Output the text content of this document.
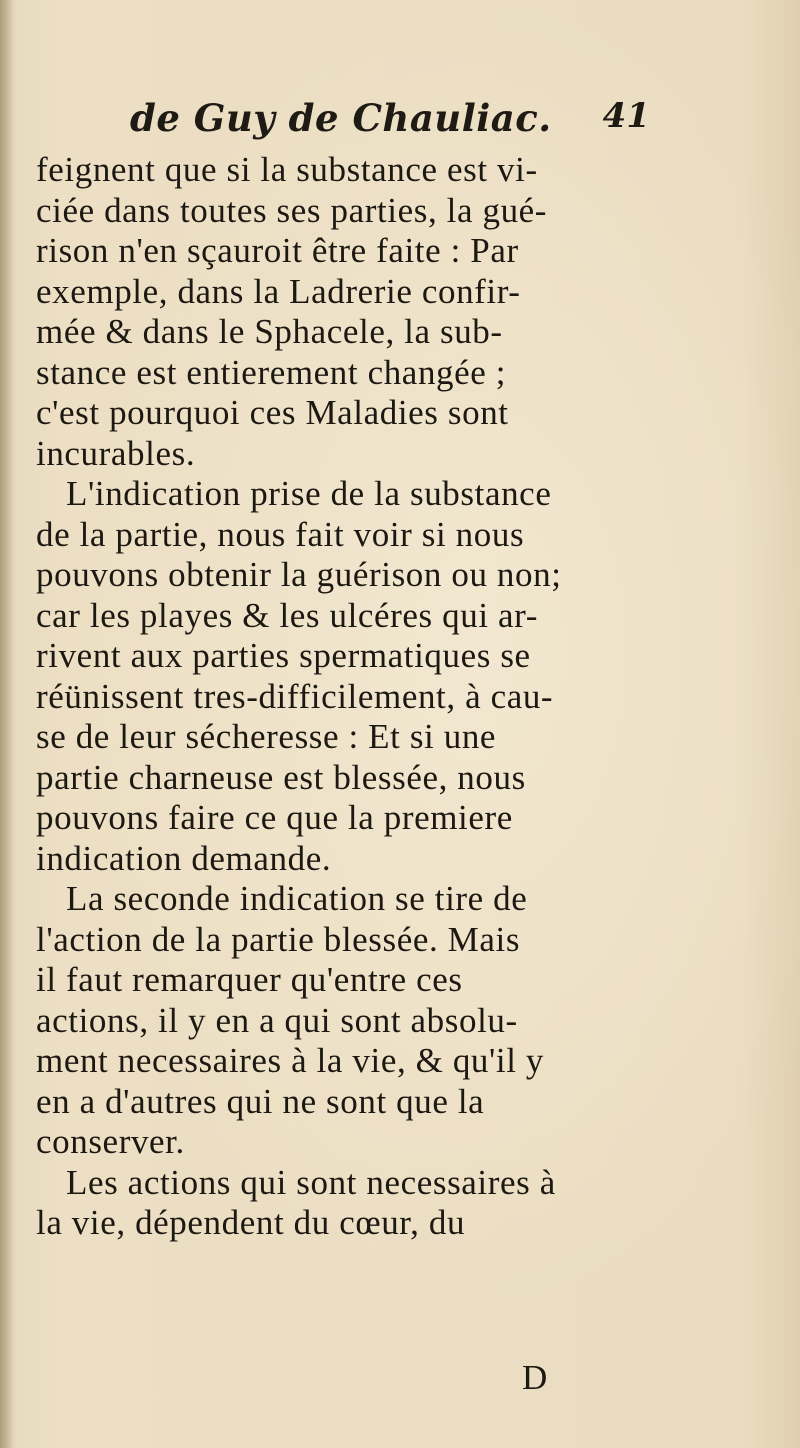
de Guy de Chauliac. 41
feignent que si la substance est vi-
ciée dans toutes ses parties, la gué-
rison n'en sçauroit être faite : Par
exemple, dans la Ladrerie confir-
mée & dans le Sphacele, la sub-
stance est entierement changée ;
c'est pourquoi ces Maladies sont
incurables.
L'indication prise de la substance
de la partie, nous fait voir si nous
pouvons obtenir la guérison ou non;
car les playes & les ulcéres qui ar-
rivent aux parties spermatiques se
réünissent tres-difficilement, à cau-
se de leur sécheresse : Et si une
partie charneuse est blessée, nous
pouvons faire ce que la premiere
indication demande.
La seconde indication se tire de
l'action de la partie blessée. Mais
il faut remarquer qu'entre ces
actions, il y en a qui sont absolu-
ment necessaires à la vie, & qu'il y
en a d'autres qui ne sont que la
conserver.
Les actions qui sont necessaires à
la vie, dépendent du cœur, du
D
